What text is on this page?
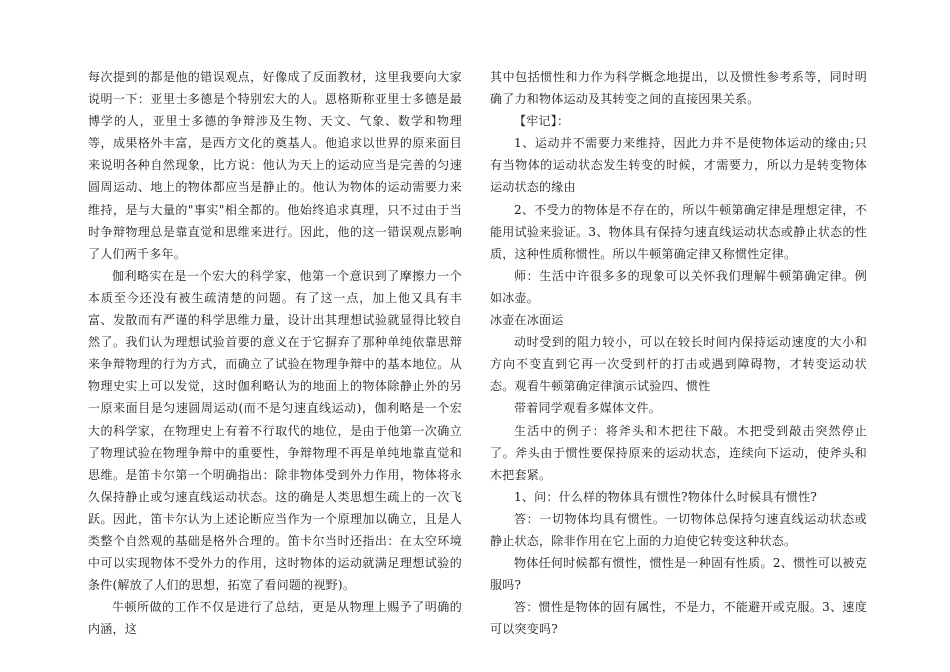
每次提到的都是他的错误观点，好像成了反面教材，这里我要向大家说明一下：亚里士多德是个特别宏大的人。恩格斯称亚里士多德是最博学的人，亚里士多德的争辩涉及生物、天文、气象、数学和物理等，成果格外丰富，是西方文化的奠基人。他追求以世界的原来面目来说明各种自然现象，比方说：他认为天上的运动应当是完善的匀速圆周运动、地上的物体都应当是静止的。他认为物体的运动需要力来维持，是与大量的"事实"相全都的。他始终追求真理，只不过由于当时争辩物理总是靠直觉和思维来进行。因此，他的这一错误观点影响了人们两千多年。

伽利略实在是一个宏大的科学家，他第一个意识到了摩擦力一个本质至今还没有被生疏清楚的问题。有了这一点，加上他又具有丰富、发散而有严谨的科学思维力量，设计出其理想试验就显得比较自然了。我们认为理想试验首要的意义在于它摒弃了那种单纯依靠思辩来争辩物理的行为方式，而确立了试验在物理争辩中的基本地位。从物理史实上可以发觉，这时伽利略认为的地面上的物体除静止外的另一原来面目是匀速圆周运动(而不是匀速直线运动)，伽利略是一个宏大的科学家，在物理史上有着不行取代的地位，是由于他第一次确立了物理试验在物理争辩中的重要性，争辩物理不再是单纯地靠直觉和思维。是笛卡尔第一个明确指出：除非物体受到外力作用，物体将永久保持静止或匀速直线运动状态。这的确是人类思想生疏上的一次飞跃。因此，笛卡尔认为上述论断应当作为一个原理加以确立，且是人类整个自然观的基础是格外合理的。笛卡尔当时还指出：在太空环境中可以实现物体不受外力的作用，这时物体的运动就满足理想试验的条件(解放了人们的思想，拓宽了看问题的视野)。

牛顿所做的工作不仅是进行了总结，更是从物理上赐予了明确的内涵，这

其中包括惯性和力作为科学概念地提出，以及惯性参考系等，同时明确了力和物体运动及其转变之间的直接因果关系。

【牢记】：

1、运动并不需要力来维持，因此力并不是使物体运动的缘由;只有当物体的运动状态发生转变的时候，才需要力，所以力是转变物体运动状态的缘由

2、不受力的物体是不存在的，所以牛顿第确定律是理想定律，不能用试验来验证。3、物体具有保持匀速直线运动状态或静止状态的性质，这种性质称惯性。所以牛顿第确定律又称惯性定律。

师：生活中许很多多的现象可以关怀我们理解牛顿第确定律。例如冰壶。

冰壶在冰面运

动时受到的阻力较小，可以在较长时间内保持运动速度的大小和方向不变直到它再一次受到杆的打击或遇到障碍物，才转变运动状态。观看牛顿第确定律演示试验四、惯性

带着同学观看多媒体文件。

生活中的例子：将斧头和木把往下敲。木把受到敲击突然停止了。斧头由于惯性要保持原来的运动状态，连续向下运动，使斧头和木把套紧。

1、问：什么样的物体具有惯性?物体什么时候具有惯性?

答：一切物体均具有惯性。一切物体总保持匀速直线运动状态或静止状态，除非作用在它上面的力迫使它转变这种状态。

物体任何时候都有惯性，惯性是一种固有性质。2、惯性可以被克服吗?

答：惯性是物体的固有属性，不是力，不能避开或克服。3、速度可以突变吗?
